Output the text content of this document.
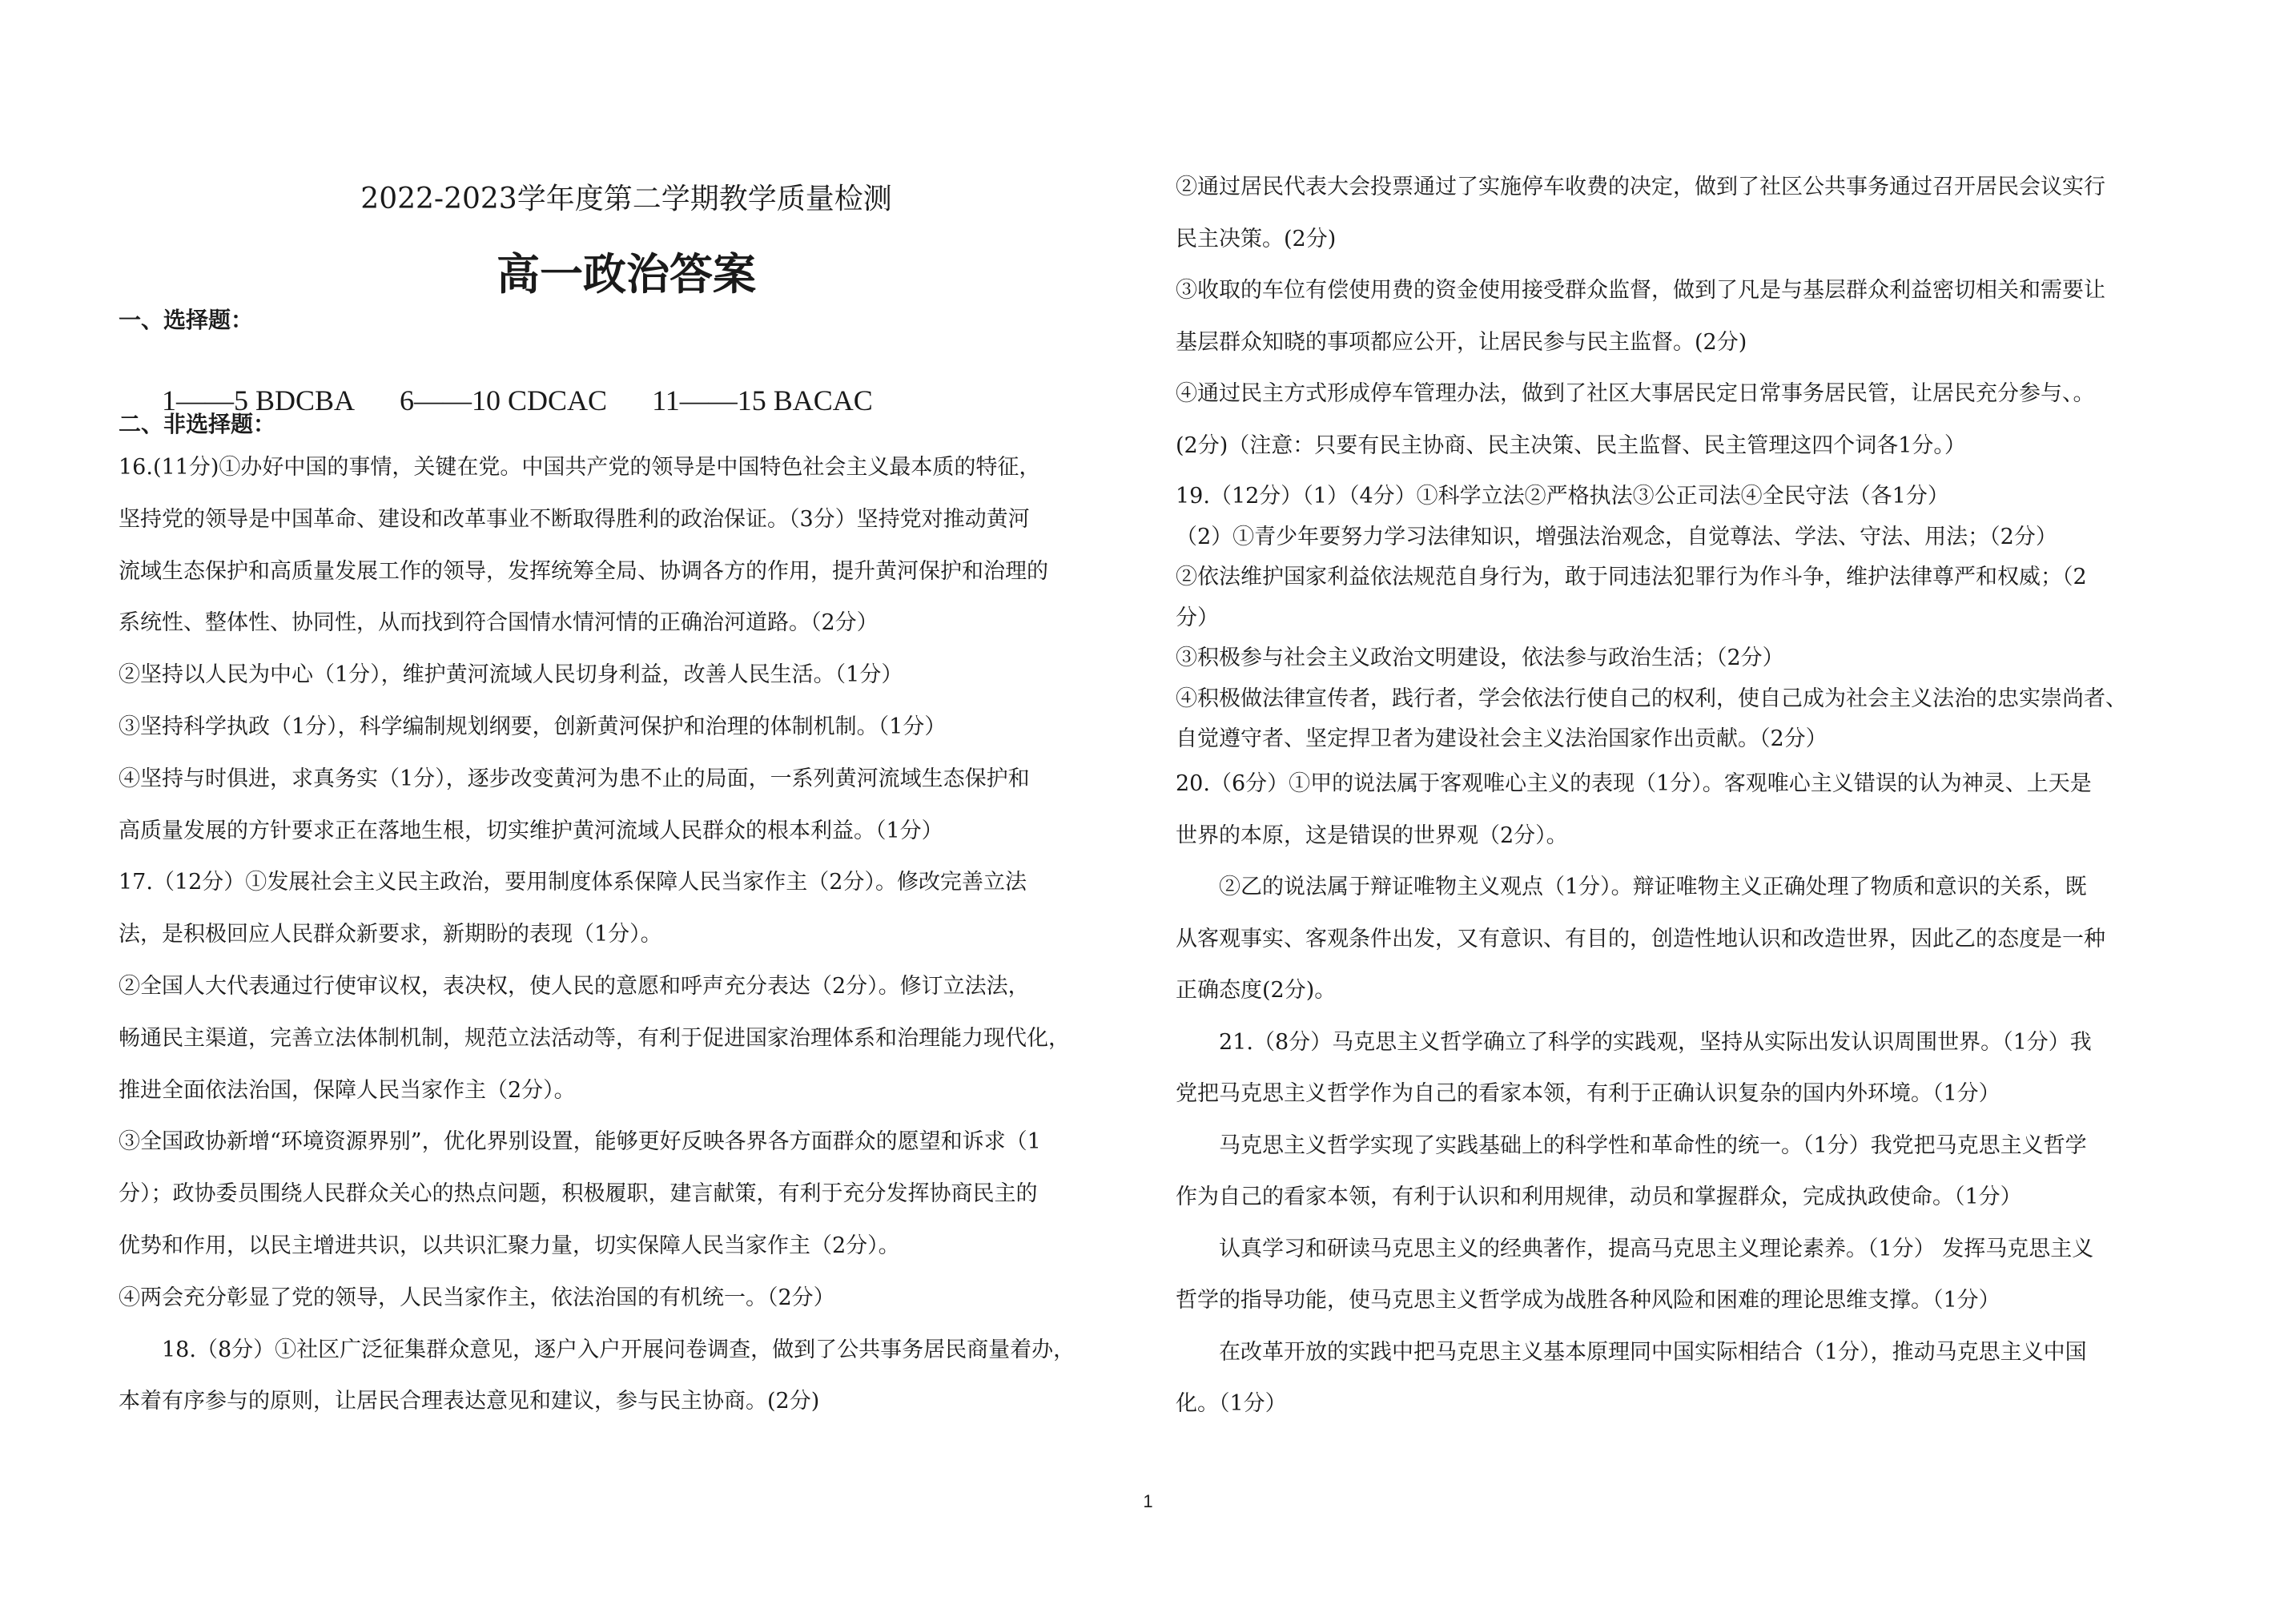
2022-2023学年度第二学期教学质量检测
高一政治答案
一、选择题：

1——5 BDCBA 6——10 CDCAC 11——15 BACAC

二、非选择题：
16.(11分)①办好中国的事情，关键在党。中国共产党的领导是中国特色社会主义最本质的特征，
坚持党的领导是中国革命、建设和改革事业不断取得胜利的政治保证。（3分）坚持党对推动黄河
流域生态保护和高质量发展工作的领导，发挥统筹全局、协调各方的作用，提升黄河保护和治理的
系统性、整体性、协同性，从而找到符合国情水情河情的正确治河道路。（2分）
②坚持以人民为中心（1分），维护黄河流域人民切身利益，改善人民生活。（1分）
③坚持科学执政（1分），科学编制规划纲要，创新黄河保护和治理的体制机制。（1分）
④坚持与时俱进，求真务实（1分），逐步改变黄河为患不止的局面，一系列黄河流域生态保护和
高质量发展的方针要求正在落地生根，切实维护黄河流域人民群众的根本利益。（1分）
17.（12分）①发展社会主义民主政治，要用制度体系保障人民当家作主（2分）。修改完善立法
法，是积极回应人民群众新要求，新期盼的表现（1分）。
②全国人大代表通过行使审议权，表决权，使人民的意愿和呼声充分表达（2分）。修订立法法，
畅通民主渠道，完善立法体制机制，规范立法活动等，有利于促进国家治理体系和治理能力现代化，
推进全面依法治国，保障人民当家作主（2分）。
③全国政协新增“环境资源界别”，优化界别设置，能够更好反映各界各方面群众的愿望和诉求（1
分）；政协委员围绕人民群众关心的热点问题，积极履职，建言献策，有利于充分发挥协商民主的
优势和作用，以民主增进共识，以共识汇聚力量，切实保障人民当家作主（2分）。
④两会充分彰显了党的领导，人民当家作主，依法治国的有机统一。（2分）
18.（8分）①社区广泛征集群众意见，逐户入户开展问卷调查，做到了公共事务居民商量着办，
本着有序参与的原则，让居民合理表达意见和建议，参与民主协商。(2分)
②通过居民代表大会投票通过了实施停车收费的决定，做到了社区公共事务通过召开居民会议实行
民主决策。(2分)
③收取的车位有偿使用费的资金使用接受群众监督，做到了凡是与基层群众利益密切相关和需要让
基层群众知晓的事项都应公开，让居民参与民主监督。(2分)
④通过民主方式形成停车管理办法，做到了社区大事居民定日常事务居民管，让居民充分参与、。
(2分)（注意：只要有民主协商、民主决策、民主监督、民主管理这四个词各1分。）
19.（12分）（1）（4分）①科学立法②严格执法③公正司法④全民守法（各1分）
（2）①青少年要努力学习法律知识，增强法治观念，自觉尊法、学法、守法、用法；（2分）
②依法维护国家利益依法规范自身行为，敢于同违法犯罪行为作斗争，维护法律尊严和权威；（2
分）
③积极参与社会主义政治文明建设，依法参与政治生活；（2分）
④积极做法律宣传者，践行者，学会依法行使自己的权利，使自己成为社会主义法治的忠实崇尚者、
自觉遵守者、坚定捍卫者为建设社会主义法治国家作出贡献。（2分）
20.（6分）①甲的说法属于客观唯心主义的表现（1分）。客观唯心主义错误的认为神灵、上天是
世界的本原，这是错误的世界观（2分）。
②乙的说法属于辩证唯物主义观点（1分）。辩证唯物主义正确处理了物质和意识的关系，既
从客观事实、客观条件出发，又有意识、有目的，创造性地认识和改造世界，因此乙的态度是一种
正确态度(2分)。
21.（8分）马克思主义哲学确立了科学的实践观，坚持从实际出发认识周围世界。（1分）我
党把马克思主义哲学作为自己的看家本领，有利于正确认识复杂的国内外环境。（1分）
马克思主义哲学实现了实践基础上的科学性和革命性的统一。（1分）我党把马克思主义哲学
作为自己的看家本领，有利于认识和利用规律，动员和掌握群众，完成执政使命。（1分）
认真学习和研读马克思主义的经典著作，提高马克思主义理论素养。（1分） 发挥马克思主义
哲学的指导功能，使马克思主义哲学成为战胜各种风险和困难的理论思维支撑。（1分）
在改革开放的实践中把马克思主义基本原理同中国实际相结合（1分），推动马克思主义中国
化。（1分）
1
